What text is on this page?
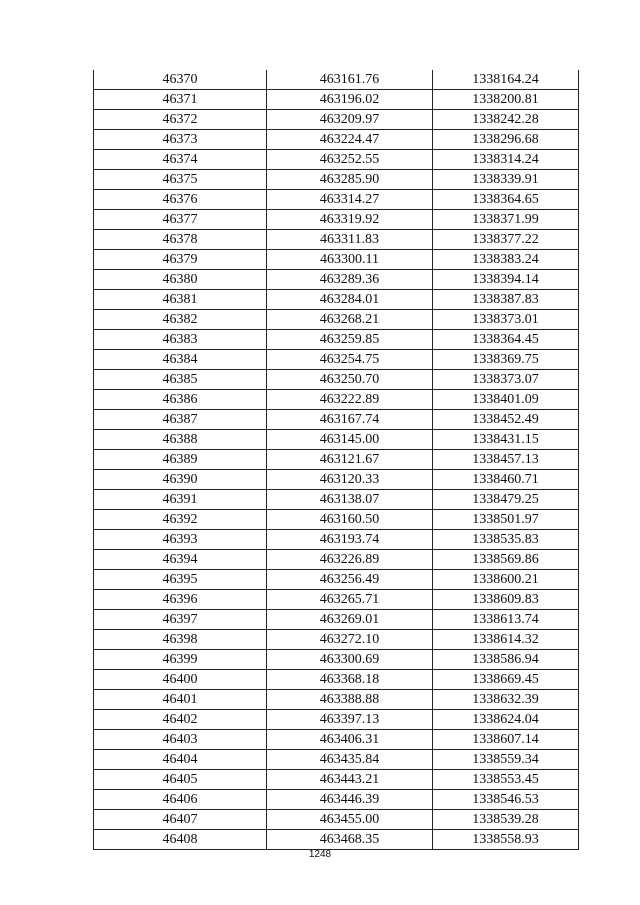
46370	463161.76	1338164.24
46371	463196.02	1338200.81
46372	463209.97	1338242.28
46373	463224.47	1338296.68
46374	463252.55	1338314.24
46375	463285.90	1338339.91
46376	463314.27	1338364.65
46377	463319.92	1338371.99
46378	463311.83	1338377.22
46379	463300.11	1338383.24
46380	463289.36	1338394.14
46381	463284.01	1338387.83
46382	463268.21	1338373.01
46383	463259.85	1338364.45
46384	463254.75	1338369.75
46385	463250.70	1338373.07
46386	463222.89	1338401.09
46387	463167.74	1338452.49
46388	463145.00	1338431.15
46389	463121.67	1338457.13
46390	463120.33	1338460.71
46391	463138.07	1338479.25
46392	463160.50	1338501.97
46393	463193.74	1338535.83
46394	463226.89	1338569.86
46395	463256.49	1338600.21
46396	463265.71	1338609.83
46397	463269.01	1338613.74
46398	463272.10	1338614.32
46399	463300.69	1338586.94
46400	463368.18	1338669.45
46401	463388.88	1338632.39
46402	463397.13	1338624.04
46403	463406.31	1338607.14
46404	463435.84	1338559.34
46405	463443.21	1338553.45
46406	463446.39	1338546.53
46407	463455.00	1338539.28
46408	463468.35	1338558.93
1248
